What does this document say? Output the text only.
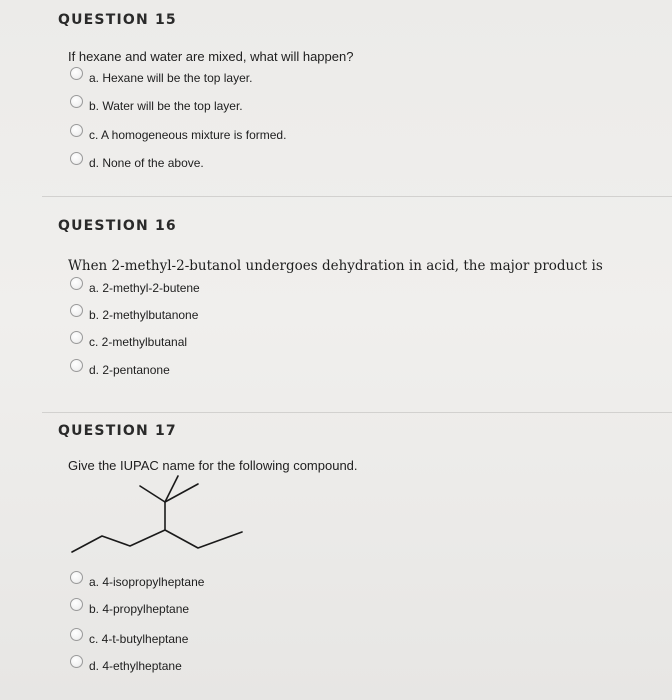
QUESTION 15
If hexane and water are mixed, what will happen?
a. Hexane will be the top layer.
b. Water will be the top layer.
c. A homogeneous mixture is formed.
d. None of the above.
QUESTION 16
When 2-methyl-2-butanol undergoes dehydration in acid, the major product is
a. 2-methyl-2-butene
b. 2-methylbutanone
c. 2-methylbutanal
d. 2-pentanone
QUESTION 17
Give the IUPAC name for the following compound.
a. 4-isopropylheptane
b. 4-propylheptane
c. 4-t-butylheptane
d. 4-ethylheptane
